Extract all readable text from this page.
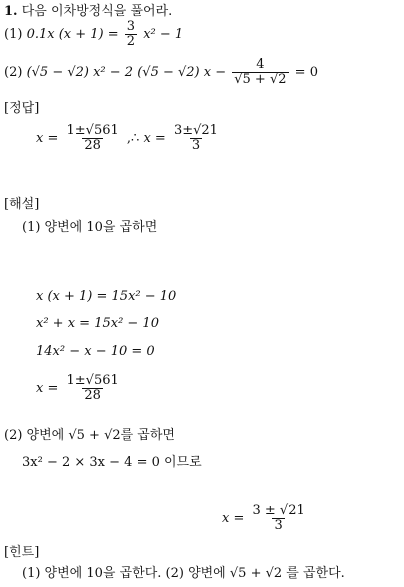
1. 다음 이차방정식을 풀어라.
(1) 0.1x $(x + 1) = \frac{3}{2} x^2 - 1$
(2) (√5 − √2) x² − 2 (√5 − √2) $x - \frac{4}{√5 + √2} = 0$
[정답]
$x = \frac{1\pm√561}{28}$ ,∴ $x = \frac{3\pm√21}{3}$
[해설]
(1) 양변에 10을 곱하면
x (x + 1) = 15x² − 10
x² + x = 15x² − 10
14x² − x − 10 = 0
$x = \frac{1\pm√561}{28}$
(2) 양변에 √5 + √2를 곱하면
3x² − 2 × 3x − 4 = 0 이므로
$x = \frac{3 \pm √21}{3}$
[힌트]
(1) 양변에 10을 곱한다. (2) 양변에 √5 + √2 를 곱한다.
